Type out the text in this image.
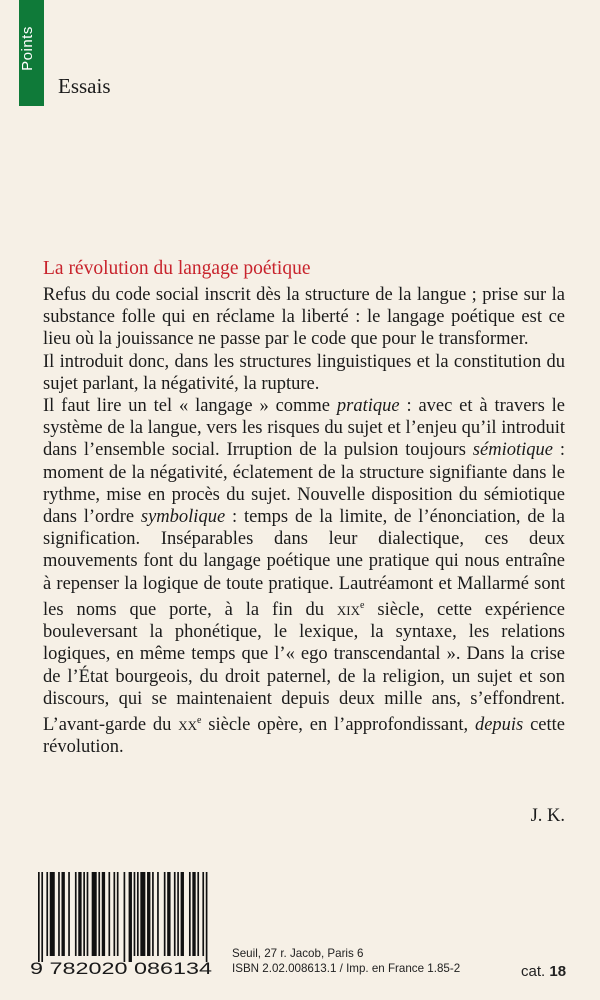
Points
Essais
La révolution du langage poétique

Refus du code social inscrit dès la structure de la langue ; prise sur la substance folle qui en réclame la liberté : le langage poétique est ce lieu où la jouissance ne passe par le code que pour le transformer.

Il introduit donc, dans les structures linguistiques et la constitution du sujet parlant, la négativité, la rupture.

Il faut lire un tel « langage » comme pratique : avec et à travers le système de la langue, vers les risques du sujet et l’enjeu qu’il introduit dans l’ensemble social. Irruption de la pulsion toujours sémiotique : moment de la négativité, éclatement de la structure signifiante dans le rythme, mise en procès du sujet. Nouvelle disposition du sémiotique dans l’ordre symbolique : temps de la limite, de l’énonciation, de la signification. Inséparables dans leur dialectique, ces deux mouvements font du langage poétique une pratique qui nous entraîne à repenser la logique de toute pratique. Lautréamont et Mallarmé sont les noms que porte, à la fin du xix$^e$ siècle, cette expérience bouleversant la phonétique, le lexique, la syntaxe, les relations logiques, en même temps que l’« ego transcendantal ». Dans la crise de l’État bourgeois, du droit paternel, de la religion, un sujet et son discours, qui se maintenaient depuis deux mille ans, s’effondrent. L’avant-garde du $xx^e$ siècle opère, en l’approfondissant, depuis cette révolution.

J. K.
9 782020 086134
Seuil, 27 r. Jacob, Paris 6
ISBN 2.02.008613.1 / Imp. en France 1.85-2	cat. 18
